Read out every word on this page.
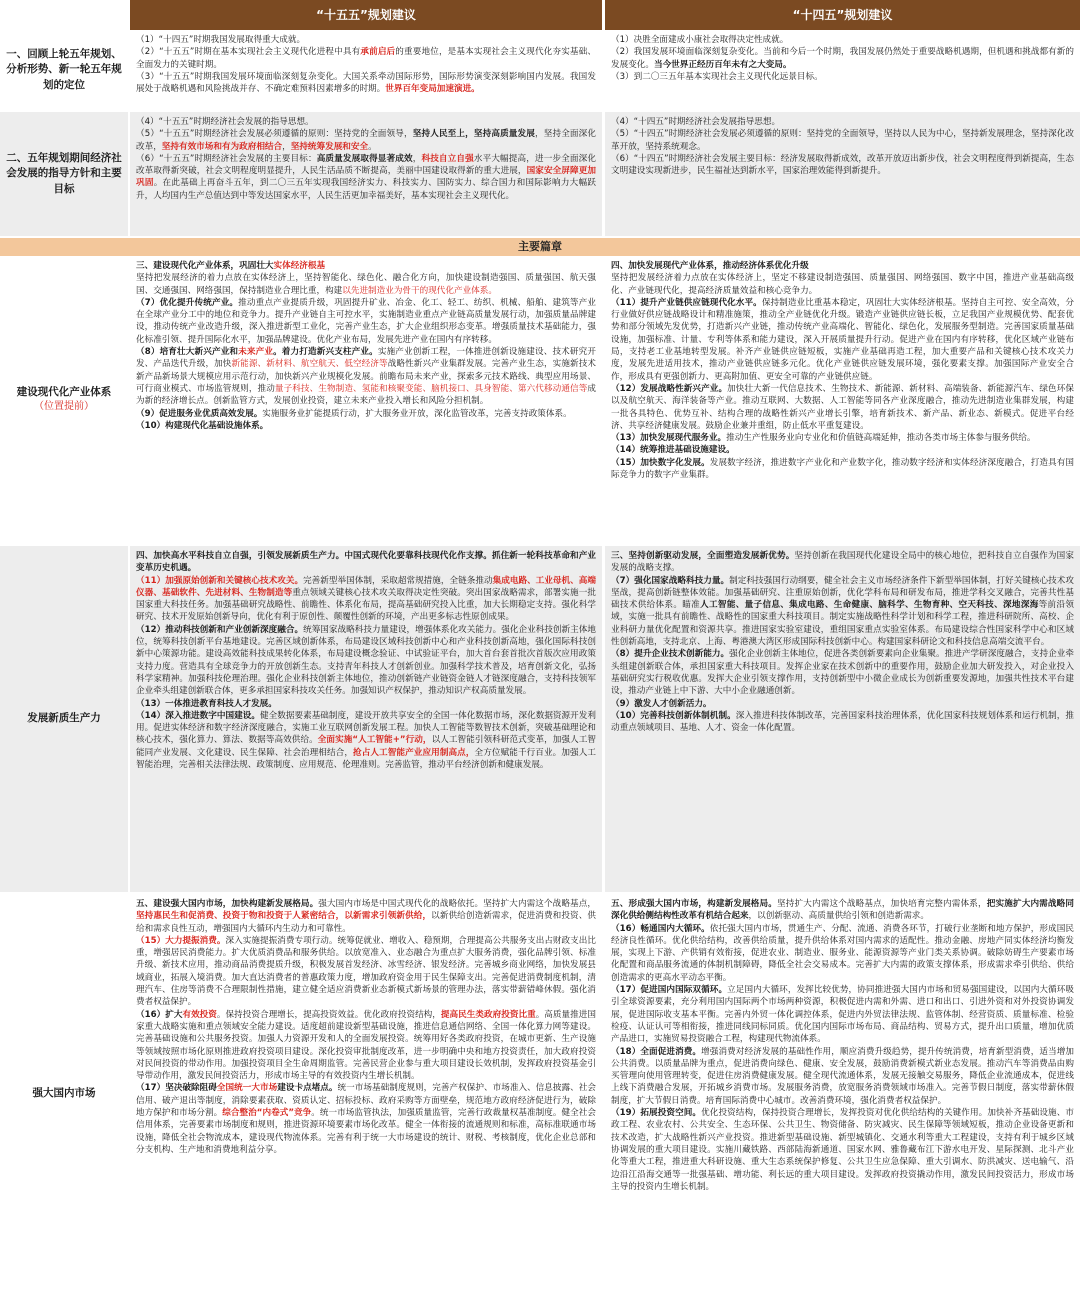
“十五五”规划建议	“十四五”规划建议
一、回顾上轮五年规划、分析形势、新一轮五年规划的定位

（1）“十四五”时期我国发展取得重大成就。

（2）“十五五”时期在基本实现社会主义现代化进程中具有承前启后的重要地位，是基本实现社会主义现代化夯实基础、全面发力的关键时期。

（3）“十五五”时期我国发展环境面临深刻复杂变化。大国关系牵动国际形势，国际形势演变深刻影响国内发展。我国发展处于战略机遇和风险挑战并存、不确定难预料因素增多的时期。世界百年变局加速演进。

（1）决胜全面建成小康社会取得决定性成就。

（2）我国发展环境面临深刻复杂变化。当前和今后一个时期，我国发展仍然处于重要战略机遇期，但机遇和挑战都有新的发展变化。当今世界正经历百年未有之大变局。

（3）到二〇三五年基本实现社会主义现代化远景目标。

二、五年规划期间经济社会发展的指导方针和主要目标

（4）“十五五”时期经济社会发展的指导思想。

（5）“十五五”时期经济社会发展必须遵循的原则：坚持党的全面领导，坚持人民至上，坚持高质量发展，坚持全面深化改革，坚持有效市场和有为政府相结合，坚持统筹发展和安全。

（6）“十五五”时期经济社会发展的主要目标：高质量发展取得显著成效，科技自立自强水平大幅提高，进一步全面深化改革取得新突破，社会文明程度明显提升，人民生活品质不断提高，美丽中国建设取得新的重大进展，国家安全屏障更加巩固。在此基础上再奋斗五年，到二〇三五年实现我国经济实力、科技实力、国防实力、综合国力和国际影响力大幅跃升，人均国内生产总值达到中等发达国家水平，人民生活更加幸福美好，基本实现社会主义现代化。

（4）“十四五”时期经济社会发展指导思想。

（5）“十四五”时期经济社会发展必须遵循的原则：坚持党的全面领导，坚持以人民为中心，坚持新发展理念，坚持深化改革开放，坚持系统观念。

（6）“十四五”时期经济社会发展主要目标：经济发展取得新成效，改革开放迈出新步伐，社会文明程度得到新提高，生态文明建设实现新进步，民生福祉达到新水平，国家治理效能得到新提升。

建设现代化产业体系
（位置提前）

三、建设现代化产业体系，巩固壮大实体经济根基

坚持把发展经济的着力点放在实体经济上，坚持智能化、绿色化、融合化方向，加快建设制造强国、质量强国、航天强国、交通强国、网络强国，保持制造业合理比重，构建以先进制造业为骨干的现代化产业体系。

（7）优化提升传统产业。推动重点产业提质升级，巩固提升矿业、冶金、化工、轻工、纺织、机械、船舶、建筑等产业在全球产业分工中的地位和竞争力。提升产业链自主可控水平，实施制造业重点产业链高质量发展行动，加强质量品牌建设，推动传统产业改造升级，深入推进新型工业化，完善产业生态，扩大企业组织形态变革。增强质量技术基础能力，强化标准引领、提升国际化水平，加强品牌建设。优化产业布局，发展先进产业在国内有序转移。

（8）培育壮大新兴产业和未来产业。着力打造新兴支柱产业。实施产业创新工程，一体推进创新设施建设、技术研究开发、产品迭代升级，加快新能源、新材料、航空航天、低空经济等战略性新兴产业集群发展。完善产业生态，实施新技术新产品新场景大规模应用示范行动，加快新兴产业规模化发展。前瞻布局未来产业，探索多元技术路线、典型应用场景、可行商业模式、市场监管规则，推动量子科技、生物制造、氢能和核聚变能、脑机接口、具身智能、第六代移动通信等成为新的经济增长点。创新监管方式，发展创业投资，建立未来产业投入增长和风险分担机制。

（9）促进服务业优质高效发展。实施服务业扩能提质行动，扩大服务业开放，深化监管改革，完善支持政策体系。

（10）构建现代化基础设施体系。

四、加快发展现代产业体系，推动经济体系优化升级

坚持把发展经济着力点放在实体经济上，坚定不移建设制造强国、质量强国、网络强国、数字中国，推进产业基础高级化、产业链现代化，提高经济质量效益和核心竞争力。

（11）提升产业链供应链现代化水平。保持制造业比重基本稳定，巩固壮大实体经济根基。坚持自主可控、安全高效，分行业做好供应链战略设计和精准施策，推动全产业链优化升级。锻造产业链供应链长板，立足我国产业规模优势、配套优势和部分领域先发优势，打造新兴产业链，推动传统产业高端化、智能化、绿色化，发展服务型制造。完善国家质量基础设施，加强标准、计量、专利等体系和能力建设，深入开展质量提升行动。促进产业在国内有序转移，优化区域产业链布局，支持老工业基地转型发展。补齐产业链供应链短板，实施产业基础再造工程，加大重要产品和关键核心技术攻关力度，发展先进适用技术，推动产业链供应链多元化。优化产业链供应链发展环境，强化要素支撑。加强国际产业安全合作，形成具有更强创新力、更高附加值、更安全可靠的产业链供应链。

（12）发展战略性新兴产业。加快壮大新一代信息技术、生物技术、新能源、新材料、高端装备、新能源汽车、绿色环保以及航空航天、海洋装备等产业。推动互联网、大数据、人工智能等同各产业深度融合，推动先进制造业集群发展，构建一批各具特色、优势互补、结构合理的战略性新兴产业增长引擎，培育新技术、新产品、新业态、新模式。促进平台经济、共享经济健康发展。鼓励企业兼并重组，防止低水平重复建设。

（13）加快发展现代服务业。推动生产性服务业向专业化和价值链高端延伸，推动各类市场主体参与服务供给。

（14）统筹推进基础设施建设。

（15）加快数字化发展。发展数字经济，推进数字产业化和产业数字化，推动数字经济和实体经济深度融合，打造具有国际竞争力的数字产业集群。

发展新质生产力

四、加快高水平科技自立自强，引领发展新质生产力。中国式现代化要靠科技现代化作支撑。抓住新一轮科技革命和产业变革历史机遇。

（11）加强原始创新和关键核心技术攻关。完善新型举国体制，采取超常规措施，全链条推动集成电路、工业母机、高端仪器、基础软件、先进材料、生物制造等重点领域关键核心技术攻关取得决定性突破。突出国家战略需求，部署实施一批国家重大科技任务。加强基础研究战略性、前瞻性、体系化布局，提高基础研究投入比重，加大长期稳定支持。强化科学研究、技术开发原始创新导向，优化有利于原创性、颠覆性创新的环境，产出更多标志性原创成果。

（12）推动科技创新和产业创新深度融合。统筹国家战略科技力量建设，增强体系化攻关能力。强化企业科技创新主体地位，统筹科技创新平台基地建设。完善区域创新体系，布局建设区域科技创新中心和产业科技创新高地，强化国际科技创新中心策源功能。建设高效能科技成果转化体系，布局建设概念验证、中试验证平台，加大首台套首批次首版次应用政策支持力度。营造具有全球竞争力的开放创新生态。支持青年科技人才创新创业。加强科学技术普及，培育创新文化，弘扬科学家精神。加强科技伦理治理。强化企业科技创新主体地位，推动创新链产业链资金链人才链深度融合，支持科技领军企业牵头组建创新联合体，更多承担国家科技攻关任务。加强知识产权保护，推动知识产权高质量发展。

（13）一体推进教育科技人才发展。

（14）深入推进数字中国建设。健全数据要素基础制度，建设开放共享安全的全国一体化数据市场，深化数据资源开发利用。促进实体经济和数字经济深度融合，实施工业互联网创新发展工程。加快人工智能等数智技术创新，突破基础理论和核心技术，强化算力、算法、数据等高效供给。全面实施“人工智能+”行动，以人工智能引领科研范式变革，加强人工智能同产业发展、文化建设、民生保障、社会治理相结合，抢占人工智能产业应用制高点，全方位赋能千行百业。加强人工智能治理，完善相关法律法规、政策制度、应用规范、伦理准则。完善监管，推动平台经济创新和健康发展。

三、坚持创新驱动发展，全面塑造发展新优势。坚持创新在我国现代化建设全局中的核心地位，把科技自立自强作为国家发展的战略支撑。

（7）强化国家战略科技力量。制定科技强国行动纲要，健全社会主义市场经济条件下新型举国体制，打好关键核心技术攻坚战，提高创新链整体效能。加强基础研究、注重原始创新，优化学科布局和研发布局，推进学科交叉融合，完善共性基础技术供给体系。瞄准人工智能、量子信息、集成电路、生命健康、脑科学、生物育种、空天科技、深地深海等前沿领域，实施一批具有前瞻性、战略性的国家重大科技项目。制定实施战略性科学计划和科学工程，推进科研院所、高校、企业科研力量优化配置和资源共享。推进国家实验室建设，重组国家重点实验室体系。布局建设综合性国家科学中心和区域性创新高地，支持北京、上海、粤港澳大湾区形成国际科技创新中心。构建国家科研论文和科技信息高端交流平台。

（8）提升企业技术创新能力。强化企业创新主体地位，促进各类创新要素向企业集聚。推进产学研深度融合，支持企业牵头组建创新联合体，承担国家重大科技项目。发挥企业家在技术创新中的重要作用，鼓励企业加大研发投入，对企业投入基础研究实行税收优惠。发挥大企业引领支撑作用，支持创新型中小微企业成长为创新重要发源地，加强共性技术平台建设，推动产业链上中下游、大中小企业融通创新。

（9）激发人才创新活力。

（10）完善科技创新体制机制。深入推进科技体制改革，完善国家科技治理体系，优化国家科技规划体系和运行机制，推动重点领域项目、基地、人才、资金一体化配置。

强大国内市场

五、建设强大国内市场，加快构建新发展格局。强大国内市场是中国式现代化的战略依托。坚持扩大内需这个战略基点，坚持惠民生和促消费、投资于物和投资于人紧密结合，以新需求引领新供给，以新供给创造新需求，促进消费和投资、供给和需求良性互动，增强国内大循环内生动力和可靠性。

（15）大力提振消费。深入实施提振消费专项行动。统筹促就业、增收入、稳预期，合理提高公共服务支出占财政支出比重，增强居民消费能力。扩大优质消费品和服务供给。以放宽准入、业态融合为重点扩大服务消费，强化品牌引领、标准升级、新技术应用，推动商品消费提质升级，积极发展首发经济、冰雪经济、银发经济。完善城乡商业网络，加快发展县域商业，拓展入境消费。加大直达消费者的普惠政策力度，增加政府资金用于民生保障支出。完善促进消费制度机制，清理汽车、住房等消费不合理限制性措施，建立健全适应消费新业态新模式新场景的管理办法，落实带薪错峰休假。强化消费者权益保护。

（16）扩大有效投资。保持投资合理增长，提高投资效益。优化政府投资结构，提高民生类政府投资比重。高质量推进国家重大战略实施和重点领域安全能力建设。适度超前建设新型基础设施，推进信息通信网络、全国一体化算力网等建设。完善基础设施和公共服务投资。加强人力资源开发和人的全面发展投资。统筹用好各类政府投资，在城市更新、生产设施等领域按照市场化原则推进政府投资项目建设。深化投资审批制度改革，进一步明确中央和地方投资责任，加大政府投资对民间投资的带动作用。加强投资项目全生命周期监管。完善民营企业参与重大项目建设长效机制，发挥政府投资基金引导带动作用，激发民间投资活力，形成市场主导的有效投资内生增长机制。

（17）坚决破除阻碍全国统一大市场建设卡点堵点。统一市场基础制度规则，完善产权保护、市场准入、信息披露、社会信用、破产退出等制度，消除要素获取、资质认定、招标投标、政府采购等方面壁垒，规范地方政府经济促进行为，破除地方保护和市场分割。综合整治“内卷式”竞争。统一市场监管执法，加强质量监管，完善行政裁量权基准制度。健全社会信用体系，完善要素市场制度和规则，推进资源环境要素市场化改革。健全一体衔接的流通规则和标准，高标准联通市场设施，降低全社会物流成本，建设现代物流体系。完善有利于统一大市场建设的统计、财税、考核制度，优化企业总部和分支机构、生产地和消费地利益分享。

五、形成强大国内市场，构建新发展格局。坚持扩大内需这个战略基点，加快培育完整内需体系，把实施扩大内需战略同深化供给侧结构性改革有机结合起来，以创新驱动、高质量供给引领和创造新需求。

（16）畅通国内大循环。依托强大国内市场，贯通生产、分配、流通、消费各环节，打破行业垄断和地方保护，形成国民经济良性循环。优化供给结构，改善供给质量，提升供给体系对国内需求的适配性。推动金融、房地产同实体经济均衡发展，实现上下游、产供销有效衔接，促进农业、制造业、服务业、能源资源等产业门类关系协调。破除妨碍生产要素市场化配置和商品服务流通的体制机制障碍，降低全社会交易成本。完善扩大内需的政策支撑体系，形成需求牵引供给、供给创造需求的更高水平动态平衡。

（17）促进国内国际双循环。立足国内大循环，发挥比较优势，协同推进强大国内市场和贸易强国建设，以国内大循环吸引全球资源要素，充分利用国内国际两个市场两种资源，积极促进内需和外需、进口和出口、引进外资和对外投资协调发展，促进国际收支基本平衡。完善内外贸一体化调控体系，促进内外贸法律法规、监管体制、经营资质、质量标准、检验检疫、认证认可等相衔接，推进同线同标同质。优化国内国际市场布局、商品结构、贸易方式，提升出口质量，增加优质产品进口，实施贸易投资融合工程，构建现代物流体系。

（18）全面促进消费。增强消费对经济发展的基础性作用，顺应消费升级趋势，提升传统消费，培育新型消费，适当增加公共消费。以质量品牌为重点，促进消费向绿色、健康、安全发展，鼓励消费新模式新业态发展。推动汽车等消费品由购买管理向使用管理转变，促进住房消费健康发展。健全现代流通体系，发展无接触交易服务，降低企业流通成本，促进线上线下消费融合发展，开拓城乡消费市场。发展服务消费，放宽服务消费领域市场准入。完善节假日制度，落实带薪休假制度，扩大节假日消费。培育国际消费中心城市。改善消费环境，强化消费者权益保护。

（19）拓展投资空间。优化投资结构，保持投资合理增长，发挥投资对优化供给结构的关键作用。加快补齐基础设施、市政工程、农业农村、公共安全、生态环保、公共卫生、物资储备、防灾减灾、民生保障等领域短板，推动企业设备更新和技术改造，扩大战略性新兴产业投资。推进新型基础设施、新型城镇化、交通水利等重大工程建设，支持有利于城乡区域协调发展的重大项目建设。实施川藏铁路、西部陆海新通道、国家水网、雅鲁藏布江下游水电开发、星际探测、北斗产业化等重大工程，推进重大科研设施、重大生态系统保护修复、公共卫生应急保障、重大引调水、防洪减灾、送电输气、沿边沿江沿海交通等一批强基础、增功能、利长远的重大项目建设。发挥政府投资撬动作用，激发民间投资活力，形成市场主导的投资内生增长机制。

主要篇章
